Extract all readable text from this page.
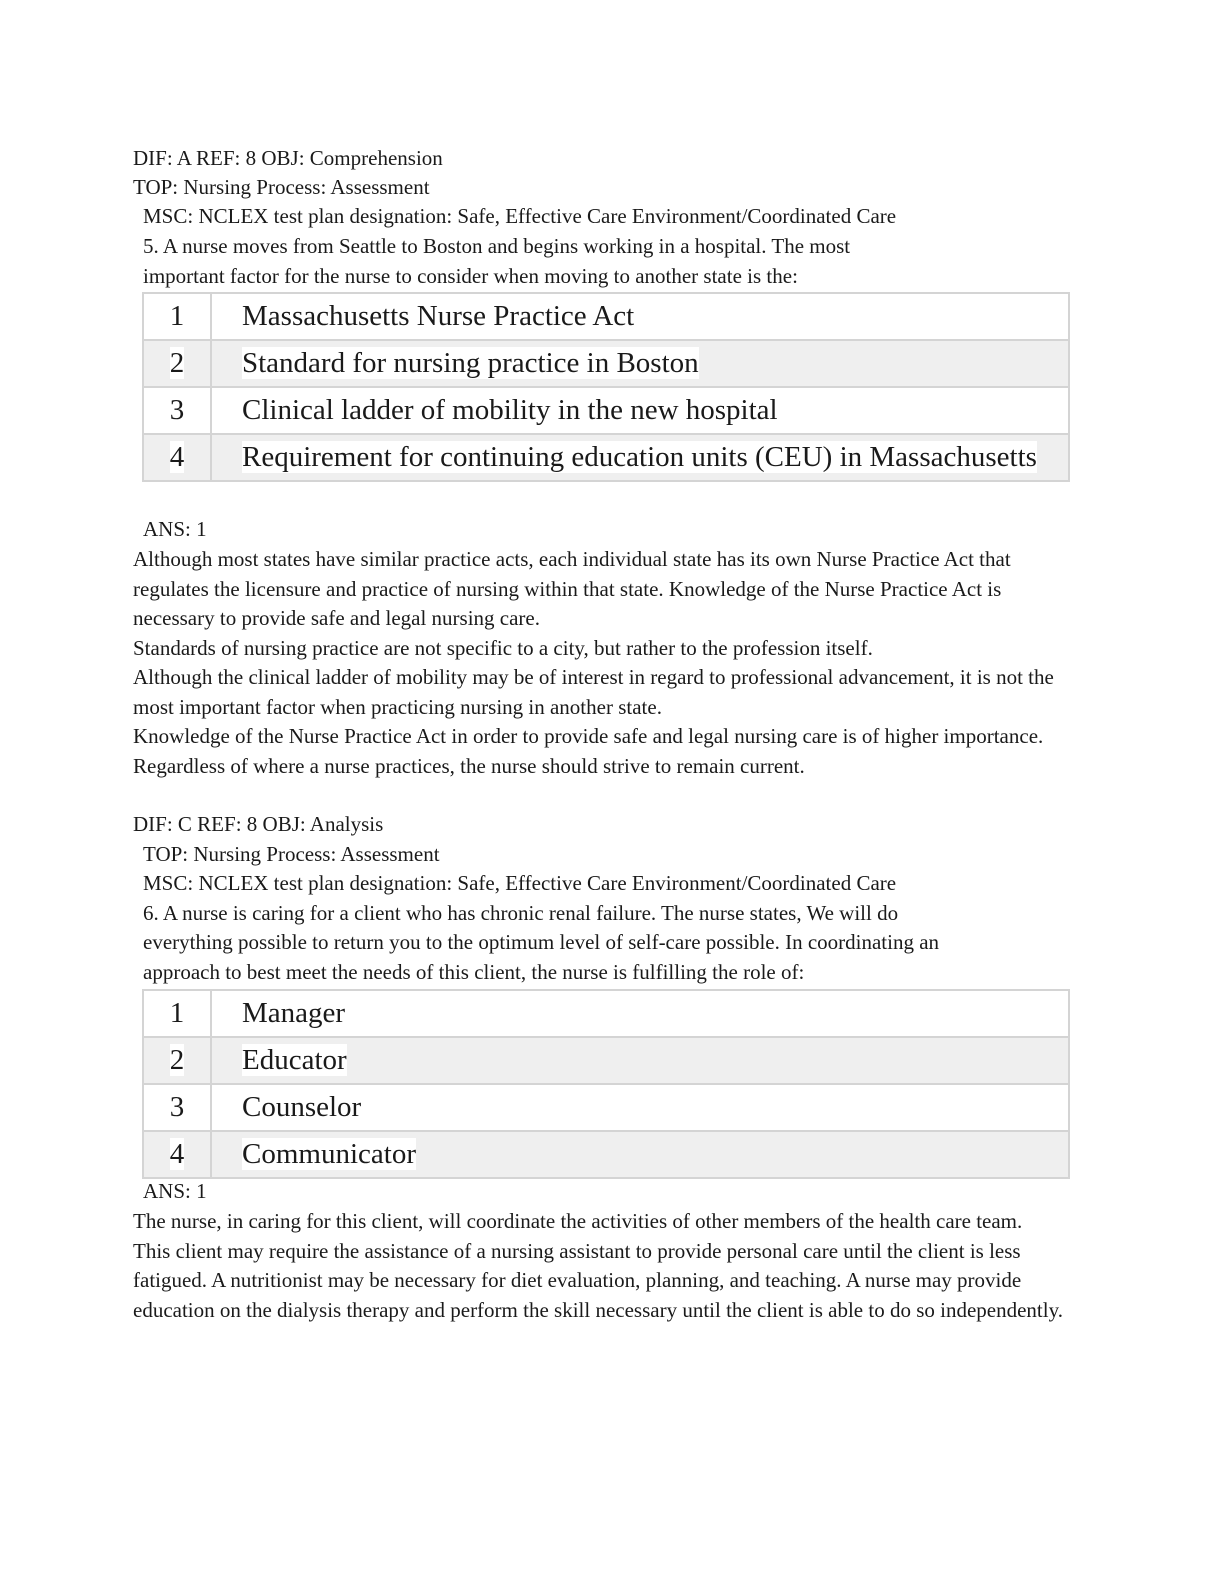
DIF: A REF: 8 OBJ: Comprehension
TOP: Nursing Process: Assessment
MSC: NCLEX test plan designation: Safe, Effective Care Environment/Coordinated Care
5. A nurse moves from Seattle to Boston and begins working in a hospital. The most
important factor for the nurse to consider when moving to another state is the:
1	Massachusetts Nurse Practice Act
2	Standard for nursing practice in Boston
3	Clinical ladder of mobility in the new hospital
4	Requirement for continuing education units (CEU) in Massachusetts
ANS: 1

Although most states have similar practice acts, each individual state has its own Nurse Practice Act that regulates the licensure and practice of nursing within that state. Knowledge of the Nurse Practice Act is necessary to provide safe and legal nursing care.

Standards of nursing practice are not specific to a city, but rather to the profession itself.

Although the clinical ladder of mobility may be of interest in regard to professional advancement, it is not the most important factor when practicing nursing in another state.

Knowledge of the Nurse Practice Act in order to provide safe and legal nursing care is of higher importance.

Regardless of where a nurse practices, the nurse should strive to remain current.

DIF: C REF: 8 OBJ: Analysis
TOP: Nursing Process: Assessment
MSC: NCLEX test plan designation: Safe, Effective Care Environment/Coordinated Care
6. A nurse is caring for a client who has chronic renal failure. The nurse states, We will do
everything possible to return you to the optimum level of self-care possible. In coordinating an
approach to best meet the needs of this client, the nurse is fulfilling the role of:
1	Manager
2	Educator
3	Counselor
4	Communicator
ANS: 1

The nurse, in caring for this client, will coordinate the activities of other members of the health care team. This client may require the assistance of a nursing assistant to provide personal care until the client is less fatigued. A nutritionist may be necessary for diet evaluation, planning, and teaching. A nurse may provide education on the dialysis therapy and perform the skill necessary until the client is able to do so independently.
